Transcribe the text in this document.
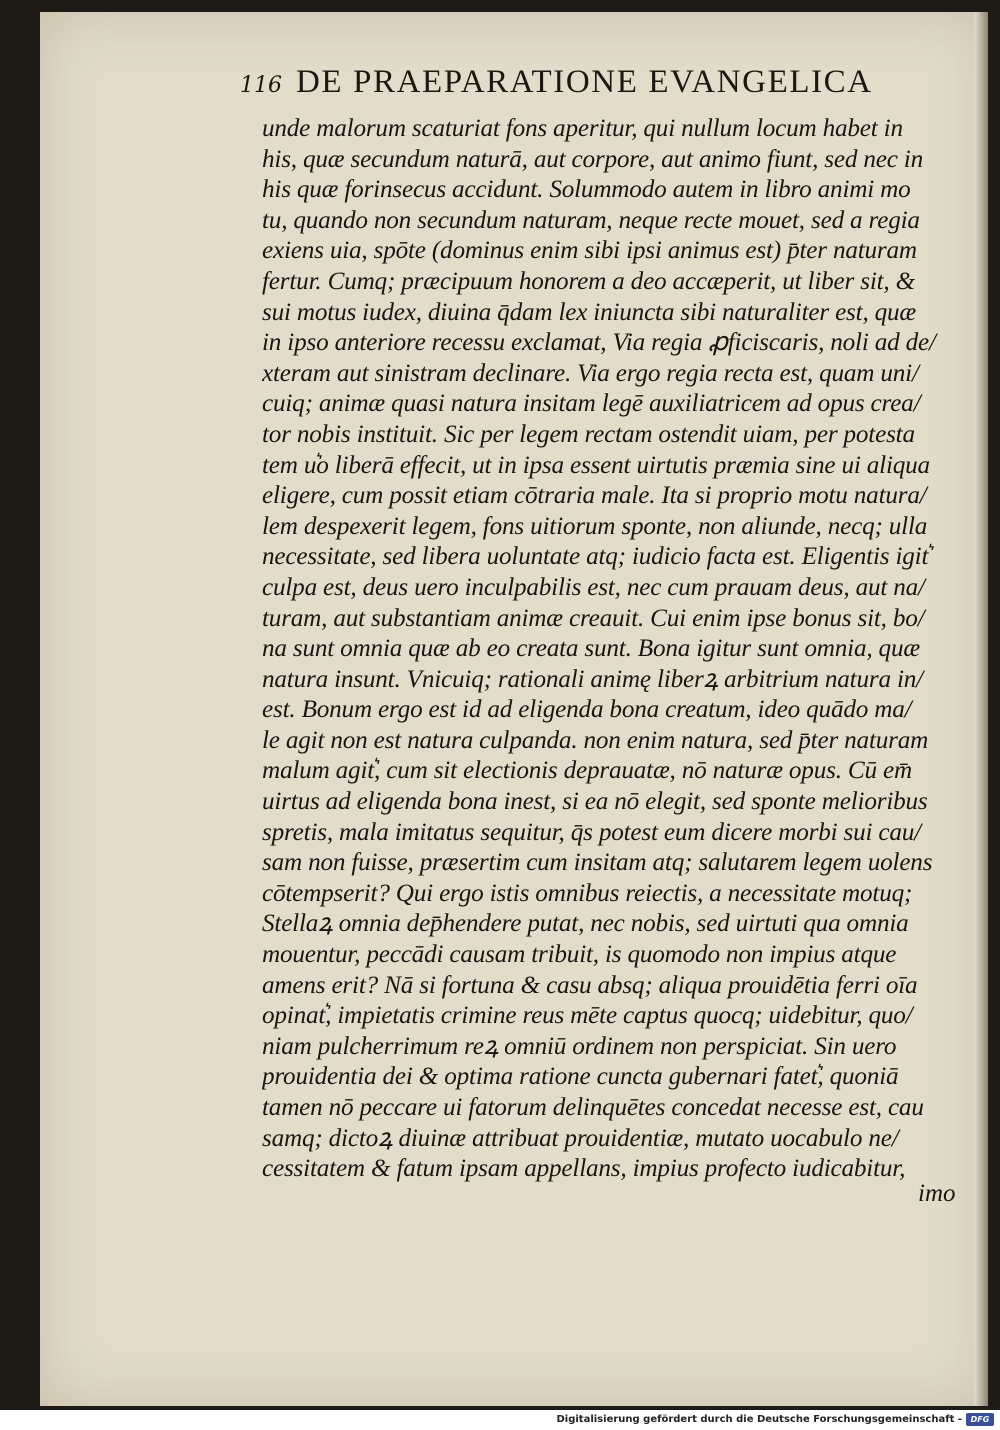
116 DE PRAEPARATIONE EVANGELICA
unde malorum scaturiat fons aperitur, qui nullum locum habet in
his, quæ secundum naturā, aut corpore, aut animo fiunt, sed nec in
his quæ forinsecus accidunt. Solummodo autem in libro animi mo
tu, quando non secundum naturam, neque recte mouet, sed a regia
exiens uia, spōte (dominus enim sibi ipsi animus est) p̄ter naturam
fertur. Cumq; præcipuum honorem a deo accæperit, ut liber sit, &
sui motus iudex, diuina q̄dam lex iniuncta sibi naturaliter est, quæ
in ipso anteriore recessu exclamat, Via regia ꝓficiscaris, noli ad de/
xteram aut sinistram declinare. Via ergo regia recta est, quam uni/
cuiq; animæ quasi natura insitam legē auxiliatricem ad opus crea/
tor nobis instituit. Sic per legem rectam ostendit uiam, per potesta
tem u͛o liberā effecit, ut in ipsa essent uirtutis præmia sine ui aliqua
eligere, cum possit etiam cōtraria male. Ita si proprio motu natura/
lem despexerit legem, fons uitiorum sponte, non aliunde, necq; ulla
necessitate, sed libera uoluntate atq; iudicio facta est. Eligentis igit͛
culpa est, deus uero inculpabilis est, nec cum prauam deus, aut na/
turam, aut substantiam animæ creauit. Cui enim ipse bonus sit, bo/
na sunt omnia quæ ab eo creata sunt. Bona igitur sunt omnia, quæ
natura insunt. Vnicuiq; rationali animę liberꝝ arbitrium natura in/
est. Bonum ergo est id ad eligenda bona creatum, ideo quādo ma/
le agit non est natura culpanda. non enim natura, sed p̄ter naturam
malum agit͛, cum sit electionis deprauatæ, nō naturæ opus. Cū em̄
uirtus ad eligenda bona inest, si ea nō elegit, sed sponte melioribus
spretis, mala imitatus sequitur, q̄s potest eum dicere morbi sui cau/
sam non fuisse, præsertim cum insitam atq; salutarem legem uolens
cōtempserit? Qui ergo istis omnibus reiectis, a necessitate motuq;
Stellaꝝ omnia dep̄hendere putat, nec nobis, sed uirtuti qua omnia
mouentur, peccādi causam tribuit, is quomodo non impius atque
amens erit? Nā si fortuna & casu absq; aliqua prouidētia ferri oīa
opinat͛, impietatis crimine reus mēte captus quocq; uidebitur, quo/
niam pulcherrimum reꝝ omniū ordinem non perspiciat. Sin uero
prouidentia dei & optima ratione cuncta gubernari fatet͛, quoniā
tamen nō peccare ui fatorum delinquētes concedat necesse est, cau
samq; dictoꝝ diuinæ attribuat prouidentiæ, mutato uocabulo ne/
cessitatem & fatum ipsam appellans, impius profecto iudicabitur,
imo
Digitalisierung gefördert durch die Deutsche Forschungsgemeinschaft -	DFG
